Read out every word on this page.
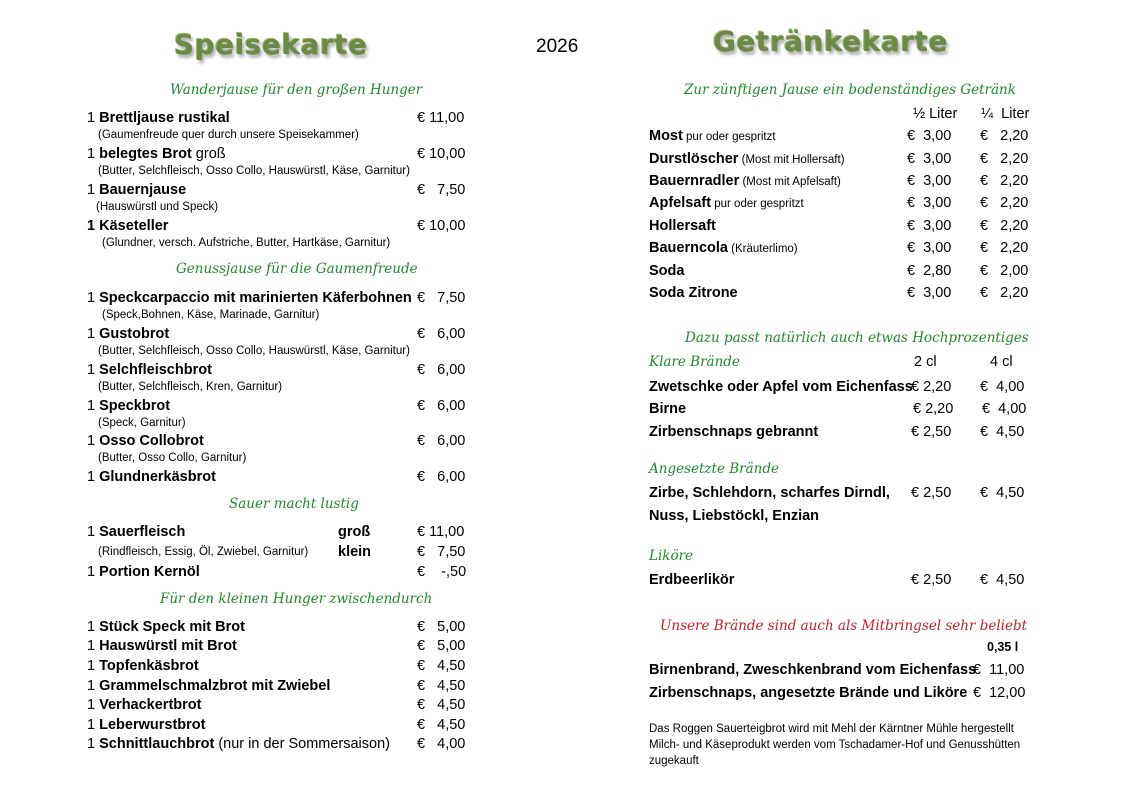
Speisekarte	2026	Getränkekarte
Wanderjause für den großen Hunger
1 Brettljause rustikal	€ 11,00
(Gaumenfreude quer durch unsere Speisekammer)
1 belegtes Brot groß	€ 10,00
(Butter, Selchfleisch, Osso Collo, Hauswürstl, Käse, Garnitur)
1 Bauernjause	€   7,50
(Hauswürstl und Speck)
1 Käseteller	€ 10,00
(Glundner, versch. Aufstriche, Butter, Hartkäse, Garnitur)
Genussjause für die Gaumenfreude
1 Speckcarpaccio mit marinierten Käferbohnen €   7,50
(Speck,Bohnen, Käse, Marinade, Garnitur)
1 Gustobrot	€   6,00
(Butter, Selchfleisch, Osso Collo, Hauswürstl, Käse, Garnitur)
1 Selchfleischbrot	€   6,00
(Butter, Selchfleisch, Kren, Garnitur)
1 Speckbrot	€   6,00
(Speck, Garnitur)
1 Osso Collobrot	€   6,00
(Butter, Osso Collo, Garnitur)
1 Glundnerkäsbrot	€   6,00
Sauer macht lustig
1 Sauerfleisch	groß	€ 11,00
(Rindfleisch, Essig, Öl, Zwiebel, Garnitur) klein	€   7,50
1 Portion Kernöl	€    -,50
Für den kleinen Hunger zwischendurch
1 Stück Speck mit Brot	€   5,00
1 Hauswürstl mit Brot	€   5,00
1 Topfenkäsbrot	€   4,50
1 Grammelschmalzbrot mit Zwiebel	€   4,50
1 Verhackertbrot	€   4,50
1 Leberwurstbrot	€   4,50
1 Schnittlauchbrot (nur in der Sommersaison) €   4,00
Zur zünftigen Jause ein bodenständiges Getränk
½ Liter ¼  Liter
Most pur oder gespritzt	€  3,00 €   2,20
Durstlöscher (Most mit Hollersaft)	€  3,00 €   2,20
Bauernradler (Most mit Apfelsaft)	€  3,00 €   2,20
Apfelsaft pur oder gespritzt	€  3,00 €   2,20
Hollersaft	€  3,00 €   2,20
Bauerncola (Kräuterlimo)	€  3,00 €   2,20
Soda	€  2,80 €   2,00
Soda Zitrone	€  3,00 €   2,20
Dazu passt natürlich auch etwas Hochprozentiges
Klare Brände	2 cl	4 cl
Zwetschke oder Apfel vom Eichenfass
€ 2,20 €  4,00
Birne	€ 2,20 €  4,00
Zirbenschnaps gebrannt	€ 2,50 €  4,50
Angesetzte Brände
Zirbe, Schlehdorn, scharfes Dirndl,
Nuss, Liebstöckl, Enzian
€ 2,50 €  4,50
Liköre
Erdbeerlikör	€ 2,50 €  4,50
Unsere Brände sind auch als Mitbringsel sehr beliebt
0,35 l
Birnenbrand, Zweschkenbrand vom Eichenfass
€  11,00
Zirbenschnaps, angesetzte Brände und Liköre €  12,00
Das Roggen Sauerteigbrot wird mit Mehl der Kärntner Mühle hergestellt
Milch- und Käseprodukt werden vom Tschadamer-Hof und Genusshütten
zugekauft
